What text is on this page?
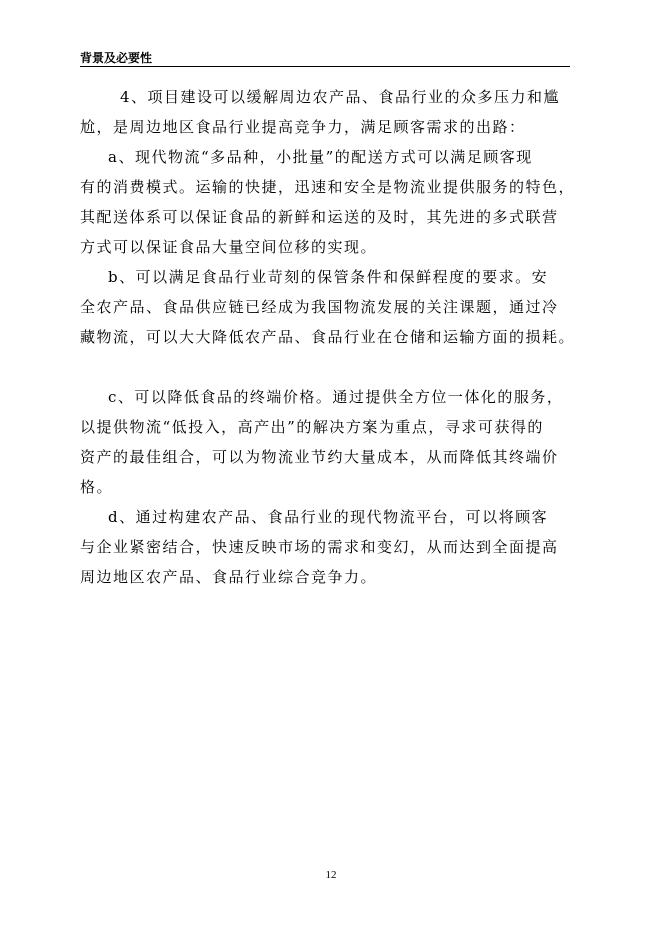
背景及必要性
4、项目建设可以缓解周边农产品、食品行业的众多压力和尴
尬，是周边地区食品行业提高竞争力，满足顾客需求的出路：
a、现代物流“多品种，小批量”的配送方式可以满足顾客现
有的消费模式。运输的快捷，迅速和安全是物流业提供服务的特色，
其配送体系可以保证食品的新鲜和运送的及时，其先进的多式联营
方式可以保证食品大量空间位移的实现。
b、可以满足食品行业苛刻的保管条件和保鲜程度的要求。安
全农产品、食品供应链已经成为我国物流发展的关注课题，通过冷
藏物流，可以大大降低农产品、食品行业在仓储和运输方面的损耗。
c、可以降低食品的终端价格。通过提供全方位一体化的服务，
以提供物流“低投入，高产出”的解决方案为重点，寻求可获得的
资产的最佳组合，可以为物流业节约大量成本，从而降低其终端价
格。
d、通过构建农产品、食品行业的现代物流平台，可以将顾客
与企业紧密结合，快速反映市场的需求和变幻，从而达到全面提高
周边地区农产品、食品行业综合竞争力。
12
